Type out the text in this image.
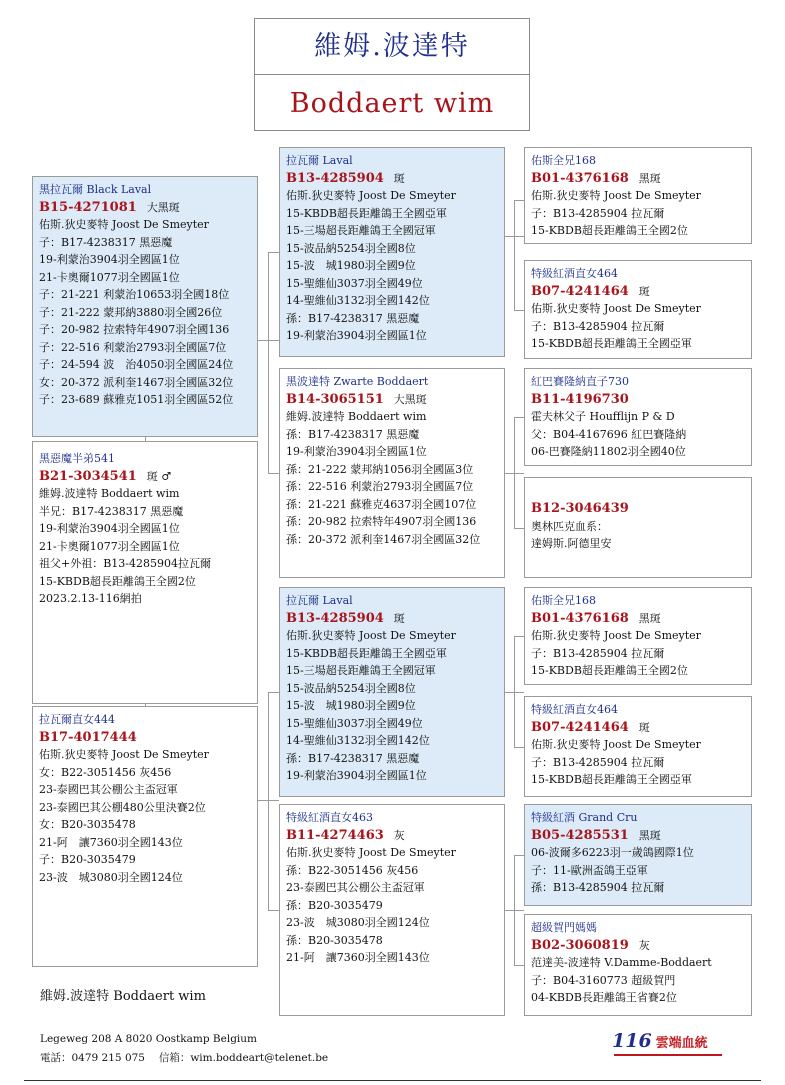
維姆.波達特
Boddaert wim
黑拉瓦爾 Black Laval
B15-4271081 大黑斑
佑斯.狄史麥特 Joost De Smeyter
子：B17-4238317 黑惡魔
19-利蒙治3904羽全國區1位
21-卡奧爾1077羽全國區1位
子：21-221 利蒙治10653羽全國18位
子：21-222 蒙邦納3880羽全國26位
子：20-982 拉索特年4907羽全國136
子：22-516 利蒙治2793羽全國區7位
子：24-594 波　治4050羽全國區24位
女：20-372 派利奎1467羽全國區32位
子：23-689 蘇雅克1051羽全國區52位
黑惡魔半弟541
B21-3034541 斑 ♂
維姆.波達特 Boddaert wim
半兄：B17-4238317 黑惡魔
19-利蒙治3904羽全國區1位
21-卡奧爾1077羽全國區1位
祖父+外祖：B13-4285904拉瓦爾
15-KBDB超長距離鴿王全國2位
2023.2.13-116網拍
拉瓦爾直女444
B17-4017444
佑斯.狄史麥特 Joost De Smeyter
女：B22-3051456 灰456
23-泰國巴其公棚公主盃冠軍
23-泰國巴其公棚480公里決賽2位
女：B20-3035478
21-阿　讓7360羽全國143位
子：B20-3035479
23-波　城3080羽全國124位
拉瓦爾 Laval
B13-4285904 斑
佑斯.狄史麥特 Joost De Smeyter
15-KBDB超長距離鴿王全國亞軍
15-三場超長距離鴿王全國冠軍
15-波品納5254羽全國8位
15-波　城1980羽全國9位
15-聖維仙3037羽全國49位
14-聖維仙3132羽全國142位
孫：B17-4238317 黑惡魔
19-利蒙治3904羽全國區1位
黑波達特 Zwarte Boddaert
B14-3065151 大黑斑
維姆.波達特 Boddaert wim
孫：B17-4238317 黑惡魔
19-利蒙治3904羽全國區1位
孫：21-222 蒙邦納1056羽全國區3位
孫：22-516 利蒙治2793羽全國區7位
孫：21-221 蘇雅克4637羽全國107位
孫：20-982 拉索特年4907羽全國136
孫：20-372 派利奎1467羽全國區32位
拉瓦爾 Laval
B13-4285904 斑
佑斯.狄史麥特 Joost De Smeyter
15-KBDB超長距離鴿王全國亞軍
15-三場超長距離鴿王全國冠軍
15-波品納5254羽全國8位
15-波　城1980羽全國9位
15-聖維仙3037羽全國49位
14-聖維仙3132羽全國142位
孫：B17-4238317 黑惡魔
19-利蒙治3904羽全國區1位
特級紅酒直女463
B11-4274463 灰
佑斯.狄史麥特 Joost De Smeyter
孫：B22-3051456 灰456
23-泰國巴其公棚公主盃冠軍
孫：B20-3035479
23-波　城3080羽全國124位
孫：B20-3035478
21-阿　讓7360羽全國143位
佑斯全兄168
B01-4376168 黑斑
佑斯.狄史麥特 Joost De Smeyter
子：B13-4285904 拉瓦爾
15-KBDB超長距離鴿王全國2位
特級紅酒直女464
B07-4241464 斑
佑斯.狄史麥特 Joost De Smeyter
子：B13-4285904 拉瓦爾
15-KBDB超長距離鴿王全國亞軍
紅巴賽隆納直子730
B11-4196730
霍夫林父子 Houfflijn P & D
父：B04-4167696 紅巴賽隆納
06-巴賽隆納11802羽全國40位
B12-3046439
奧林匹克血系：
達姆斯.阿德里安
佑斯全兄168
B01-4376168 黑斑
佑斯.狄史麥特 Joost De Smeyter
子：B13-4285904 拉瓦爾
15-KBDB超長距離鴿王全國2位
特級紅酒直女464
B07-4241464 斑
佑斯.狄史麥特 Joost De Smeyter
子：B13-4285904 拉瓦爾
15-KBDB超長距離鴿王全國亞軍
特級紅酒 Grand Cru
B05-4285531 黑斑
06-波爾多6223羽一歲鴿國際1位
子：11-歐洲盃鴿王亞軍
孫：B13-4285904 拉瓦爾
超級賀門媽媽
B02-3060819 灰
范達美-波達特 V.Damme-Boddaert
子：B04-3160773 超級賀門
04-KBDB長距離鴿王省賽2位
維姆.波達特 Boddaert wim
Legeweg 208 A 8020 Oostkamp Belgium
電話：0479 215 075　 信箱：wim.boddeart@telenet.be
116 雲端血統
